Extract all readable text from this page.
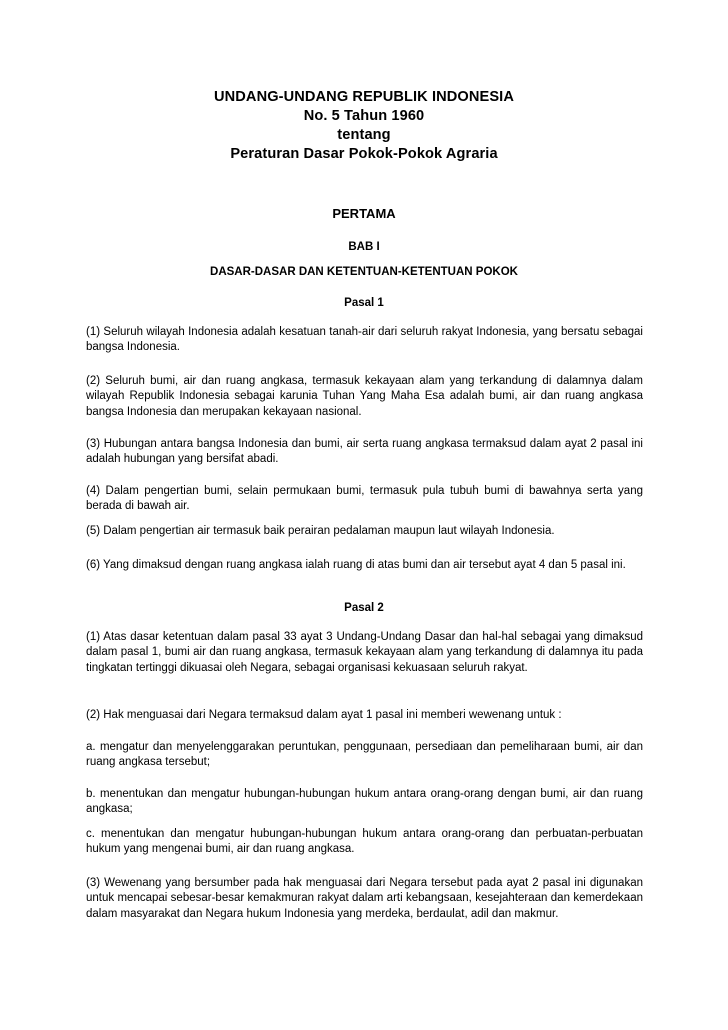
UNDANG-UNDANG REPUBLIK INDONESIA
No. 5 Tahun 1960
tentang
Peraturan Dasar Pokok-Pokok Agraria
PERTAMA
BAB I
DASAR-DASAR DAN KETENTUAN-KETENTUAN POKOK
Pasal 1

(1) Seluruh wilayah Indonesia adalah kesatuan tanah-air dari seluruh rakyat Indonesia, yang bersatu sebagai bangsa Indonesia.

(2) Seluruh bumi, air dan ruang angkasa, termasuk kekayaan alam yang terkandung di dalamnya dalam wilayah Republik Indonesia sebagai karunia Tuhan Yang Maha Esa adalah bumi, air dan ruang angkasa bangsa Indonesia dan merupakan kekayaan nasional.

(3) Hubungan antara bangsa Indonesia dan bumi, air serta ruang angkasa termaksud dalam ayat 2 pasal ini adalah hubungan yang bersifat abadi.

(4) Dalam pengertian bumi, selain permukaan bumi, termasuk pula tubuh bumi di bawahnya serta yang berada di bawah air.

(5) Dalam pengertian air termasuk baik perairan pedalaman maupun laut wilayah Indonesia.

(6) Yang dimaksud dengan ruang angkasa ialah ruang di atas bumi dan air tersebut ayat 4 dan 5 pasal ini.

Pasal 2

(1) Atas dasar ketentuan dalam pasal 33 ayat 3 Undang-Undang Dasar dan hal-hal sebagai yang dimaksud dalam pasal 1, bumi air dan ruang angkasa, termasuk kekayaan alam yang terkandung di dalamnya itu pada tingkatan tertinggi dikuasai oleh Negara, sebagai organisasi kekuasaan seluruh rakyat.

(2) Hak menguasai dari Negara termaksud dalam ayat 1 pasal ini memberi wewenang untuk :

a. mengatur dan menyelenggarakan peruntukan, penggunaan, persediaan dan pemeliharaan bumi, air dan ruang angkasa tersebut;

b. menentukan dan mengatur hubungan-hubungan hukum antara orang-orang dengan bumi, air dan ruang angkasa;

c. menentukan dan mengatur hubungan-hubungan hukum antara orang-orang dan perbuatan-perbuatan hukum yang mengenai bumi, air dan ruang angkasa.

(3) Wewenang yang bersumber pada hak menguasai dari Negara tersebut pada ayat 2 pasal ini digunakan untuk mencapai sebesar-besar kemakmuran rakyat dalam arti kebangsaan, kesejahteraan dan kemerdekaan dalam masyarakat dan Negara hukum Indonesia yang merdeka, berdaulat, adil dan makmur.
